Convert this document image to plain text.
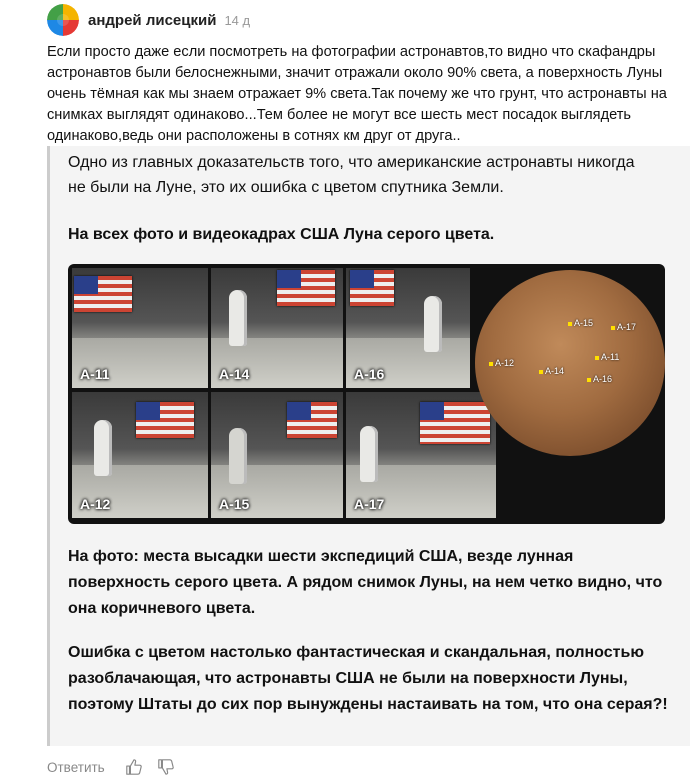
андрей лисецкий 14 д
Если просто даже если посмотреть на фотографии астронавтов,то видно что скафандры астронавтов были белоснежными, значит отражали около 90% света, а поверхность Луны очень тёмная как мы знаем отражает 9% света.Так почему же что грунт, что астронавты на снимках выглядят одинаково...Тем более не могут все шесть мест посадок выглядеть одинаково,ведь они расположены в сотнях км друг от друга..
Одно из главных доказательств того, что американские астронавты никогда не были на Луне, это их ошибка с цветом спутника Земли.
На всех фото и видеокадрах США Луна серого цвета.
A-11	A-14	A-16
A-12	A-15	A-17
A-15	A-17
A-12
A-11
A-14
A-16
На фото: места высадки шести экспедиций США, везде лунная поверхность серого цвета. А рядом снимок Луны, на нем четко видно, что она коричневого цвета.
Ошибка с цветом настолько фантастическая и скандальная, полностью разоблачающая, что астронавты США не были на поверхности Луны, поэтому Штаты до сих пор вынуждены настаивать на том, что она серая?!
Ответить
